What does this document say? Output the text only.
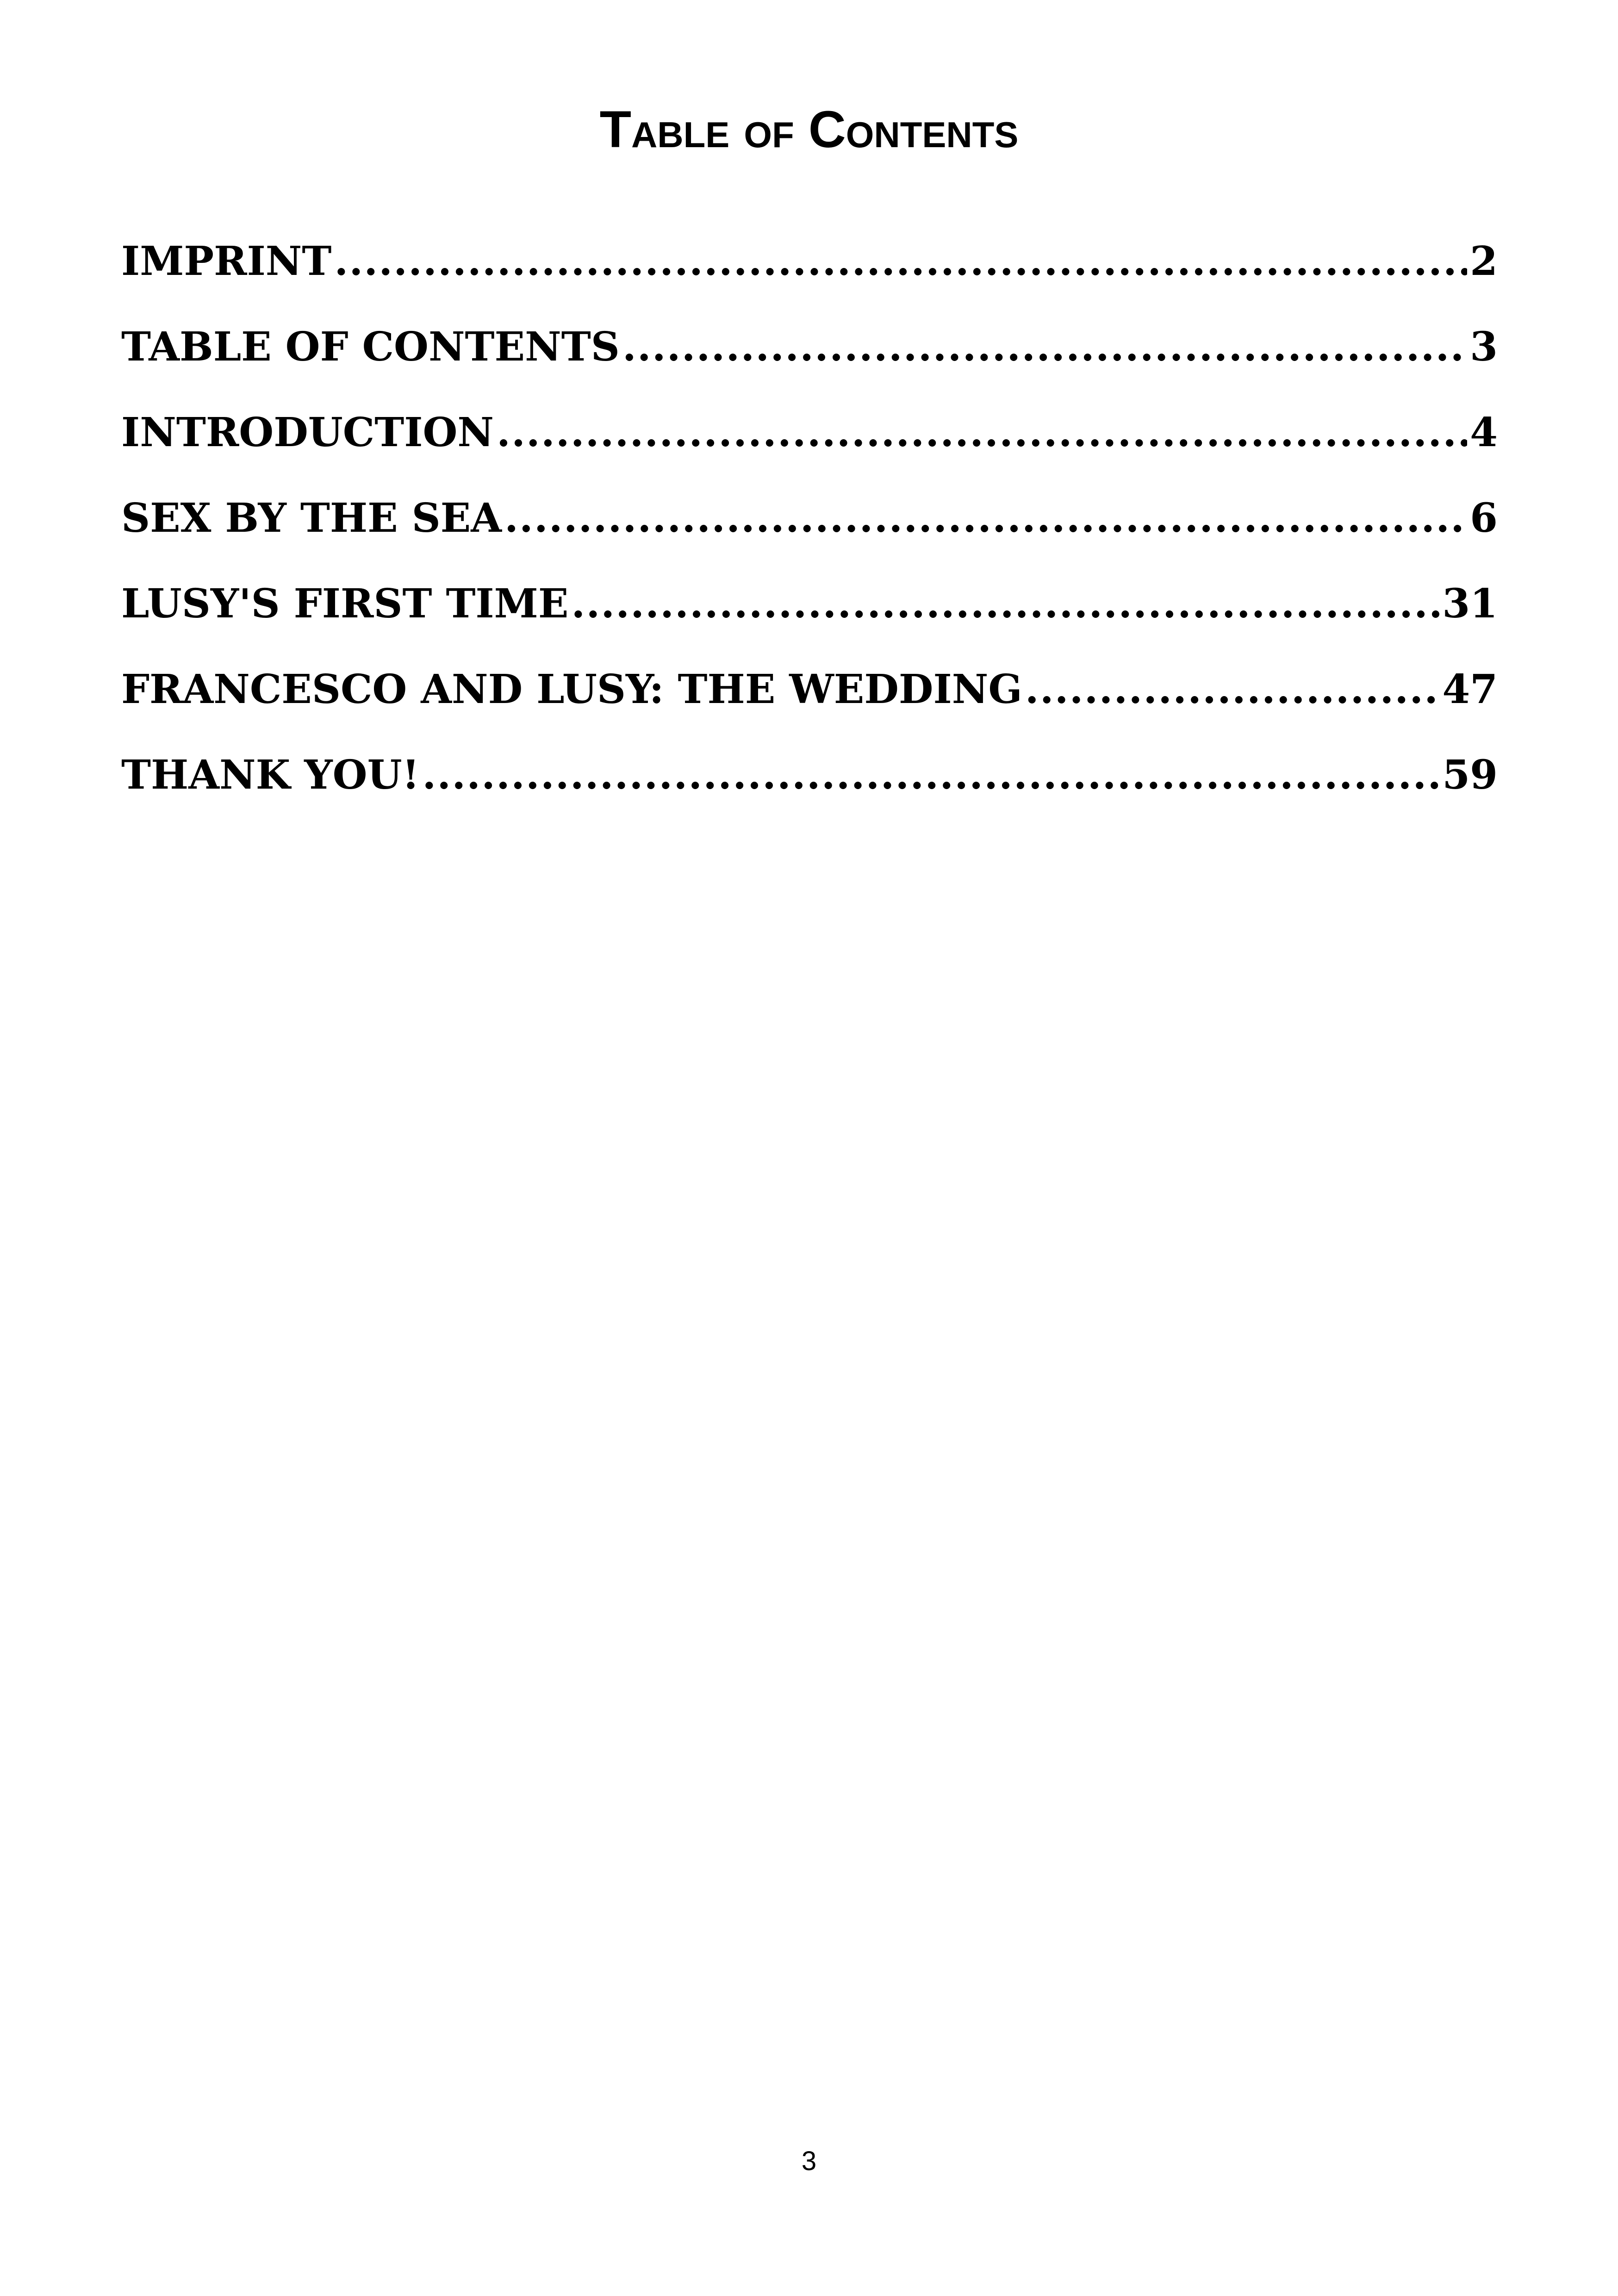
Table of Contents
IMPRINT .....	2
TABLE OF CONTENTS .....	3
INTRODUCTION .....	4
SEX BY THE SEA .....	6
LUSY'S FIRST TIME .....	31
FRANCESCO AND LUSY: THE WEDDING .....	47
THANK YOU! .....	59
3
